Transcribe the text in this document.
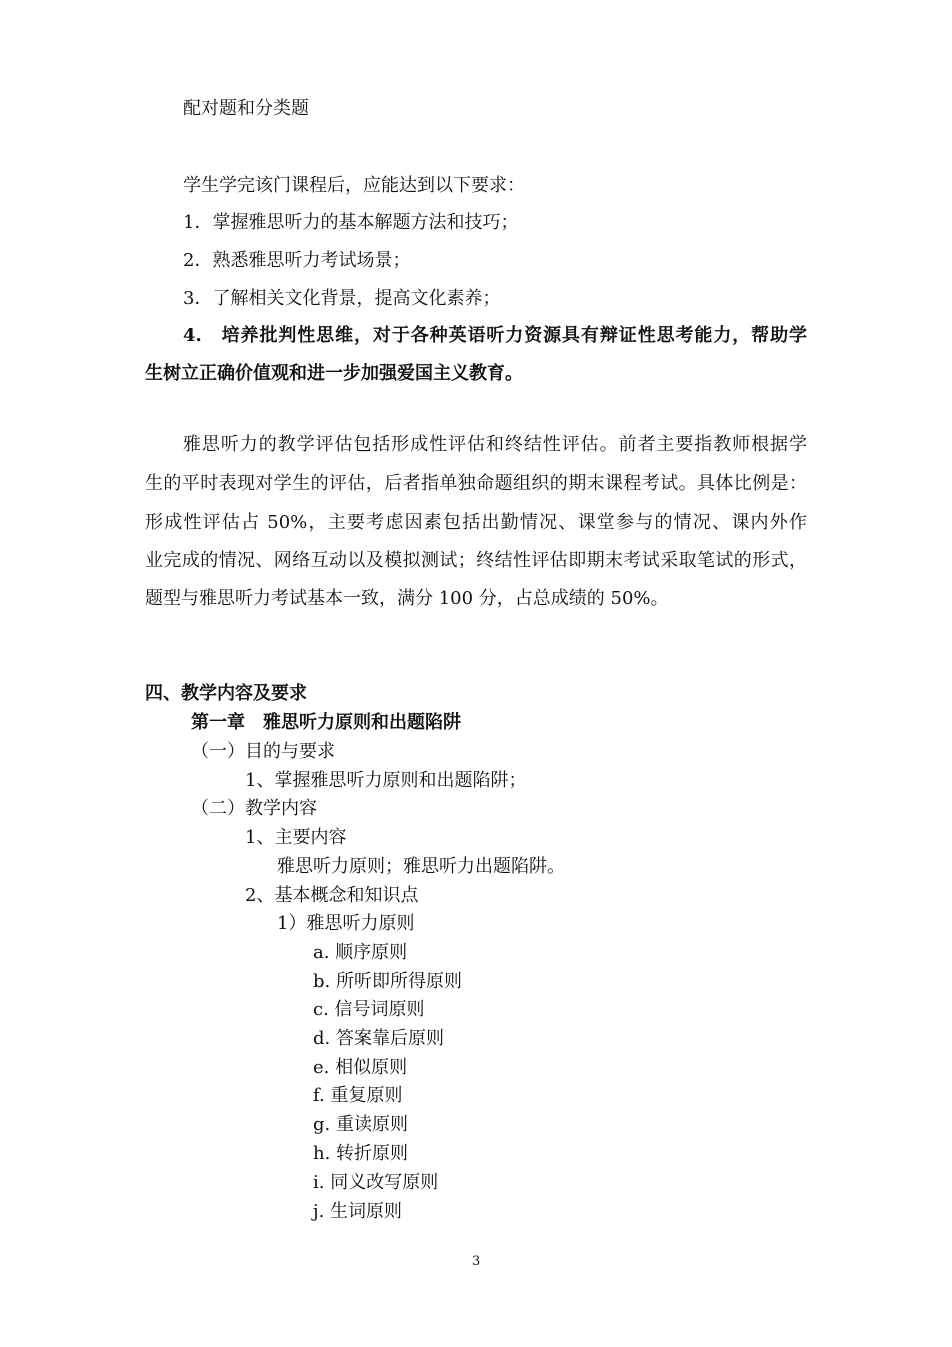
配对题和分类题
学生学完该门课程后，应能达到以下要求：
1．掌握雅思听力的基本解题方法和技巧；
2．熟悉雅思听力考试场景；
3．了解相关文化背景，提高文化素养；
4.　培养批判性思维，对于各种英语听力资源具有辩证性思考能力，帮助学
生树立正确价值观和进一步加强爱国主义教育。
雅思听力的教学评估包括形成性评估和终结性评估。前者主要指教师根据学
生的平时表现对学生的评估，后者指单独命题组织的期末课程考试。具体比例是：
形成性评估占 50%，主要考虑因素包括出勤情况、课堂参与的情况、课内外作
业完成的情况、网络互动以及模拟测试；终结性评估即期末考试采取笔试的形式，
题型与雅思听力考试基本一致，满分 100 分，占总成绩的 50%。
四、教学内容及要求
第一章　雅思听力原则和出题陷阱
（一）目的与要求
1、掌握雅思听力原则和出题陷阱；
（二）教学内容
1、主要内容
雅思听力原则；雅思听力出题陷阱。
2、基本概念和知识点
1）雅思听力原则
a. 顺序原则
b. 所听即所得原则
c. 信号词原则
d. 答案靠后原则
e. 相似原则
f. 重复原则
g. 重读原则
h. 转折原则
i. 同义改写原则
j. 生词原则
3
